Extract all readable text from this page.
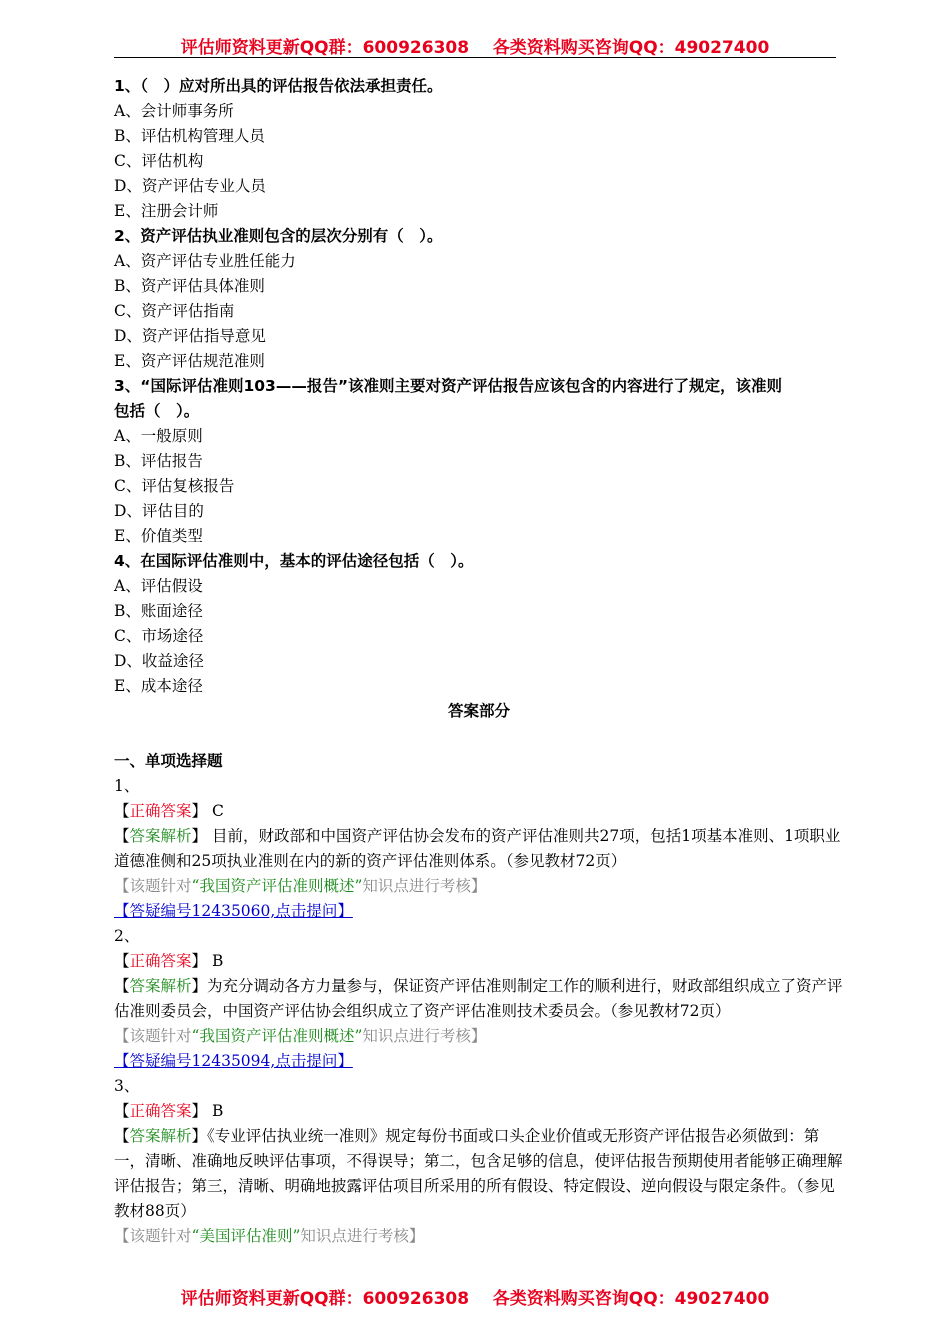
评估师资料更新QQ群：600926308    各类资料购买咨询QQ：49027400
1、（　）应对所出具的评估报告依法承担责任。
A、会计师事务所
B、评估机构管理人员
C、评估机构
D、资产评估专业人员
E、注册会计师
2、资产评估执业准则包含的层次分别有（　）。
A、资产评估专业胜任能力
B、资产评估具体准则
C、资产评估指南
D、资产评估指导意见
E、资产评估规范准则
3、“国际评估准则103——报告”该准则主要对资产评估报告应该包含的内容进行了规定，该准则
包括（　）。
A、一般原则
B、评估报告
C、评估复核报告
D、评估目的
E、价值类型
4、在国际评估准则中，基本的评估途径包括（　）。
A、评估假设
B、账面途径
C、市场途径
D、收益途径
E、成本途径
答案部分
一、单项选择题
1、
【正确答案】 C
【答案解析】 目前，财政部和中国资产评估协会发布的资产评估准则共27项，包括1项基本准则、1项职业道德准侧和25项执业准则在内的新的资产评估准则体系。（参见教材72页）
【该题针对“我国资产评估准则概述”知识点进行考核】
【答疑编号12435060,点击提问】
2、
【正确答案】 B
【答案解析】为充分调动各方力量参与，保证资产评估准则制定工作的顺利进行，财政部组织成立了资产评估准则委员会，中国资产评估协会组织成立了资产评估准则技术委员会。（参见教材72页）
【该题针对“我国资产评估准则概述”知识点进行考核】
【答疑编号12435094,点击提问】
3、
【正确答案】 B
【答案解析】《专业评估执业统一准则》规定每份书面或口头企业价值或无形资产评估报告必须做到：第一，清晰、准确地反映评估事项，不得误导；第二，包含足够的信息，使评估报告预期使用者能够正确理解评估报告；第三，清晰、明确地披露评估项目所采用的所有假设、特定假设、逆向假设与限定条件。（参见教材88页）
【该题针对“美国评估准则”知识点进行考核】
评估师资料更新QQ群：600926308    各类资料购买咨询QQ：49027400
